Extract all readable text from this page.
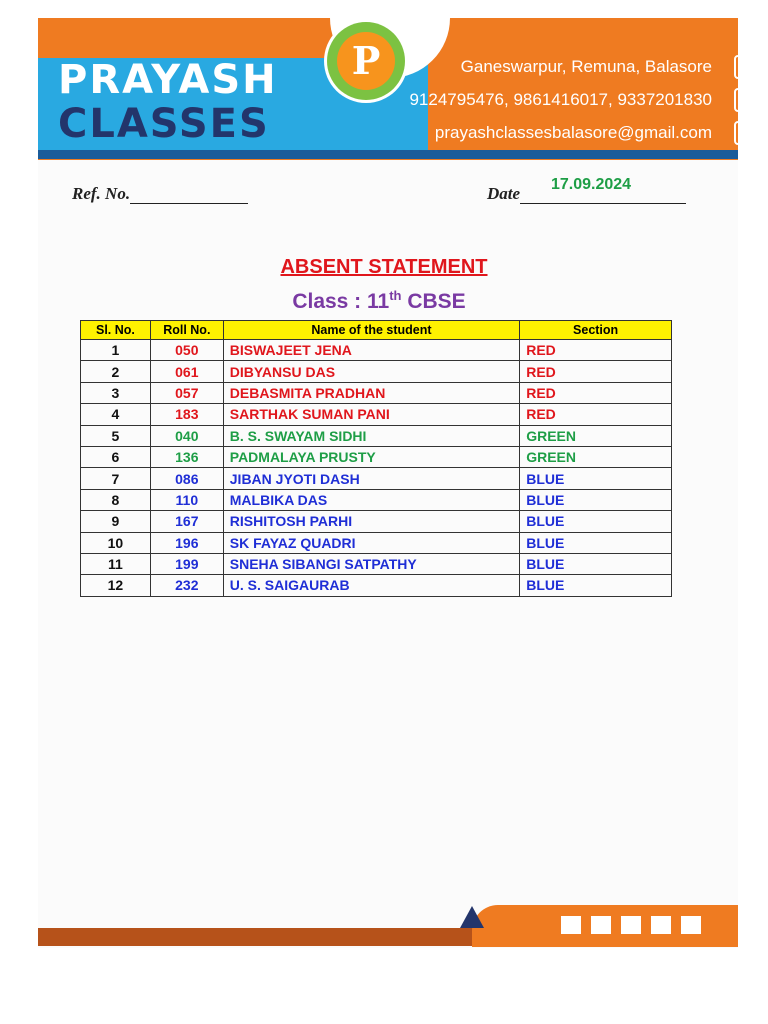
PRAYASH
CLASSES
P	Ganeswarpur, Remuna, Balasore	●
9124795476, 9861416017, 9337201830	✆
prayashclassesbalasore@gmail.com	✉
Ref. No.	Date	17.09.2024
ABSENT STATEMENT
Class : 11th CBSE
Sl. No.	Roll No.	Name of the student	Section
1	050	BISWAJEET JENA	RED
2	061	DIBYANSU DAS	RED
3	057	DEBASMITA PRADHAN	RED
4	183	SARTHAK SUMAN PANI	RED
5	040	B. S. SWAYAM SIDHI	GREEN
6	136	PADMALAYA PRUSTY	GREEN
7	086	JIBAN JYOTI DASH	BLUE
8	110	MALBIKA DAS	BLUE
9	167	RISHITOSH PARHI	BLUE
10	196	SK FAYAZ QUADRI	BLUE
11	199	SNEHA SIBANGI SATPATHY	BLUE
12	232	U. S. SAIGAURAB	BLUE
